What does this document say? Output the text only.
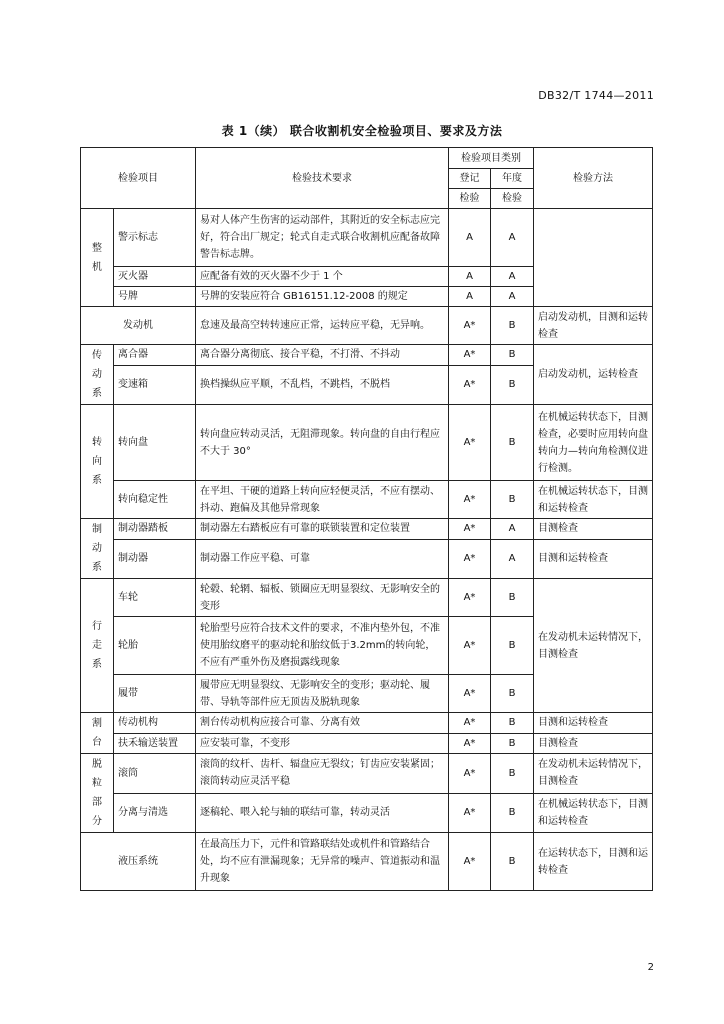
DB32/T 1744—2011
表 1（续） 联合收割机安全检验项目、要求及方法
检验项目		检验技术要求	检验项目类别		检验方法
			登记	年度	
			检验	检验	

整
机	警示标志	易对人体产生伤害的运动部件，其附近的安全标志应完好，符合出厂规定；轮式自走式联合收割机应配备故障警告标志牌。	A	A	
	灭火器	应配备有效的灭火器不少于 1 个	A	A	
	号牌	号牌的安装应符合 GB16151.12-2008 的规定	A	A	
发动机		怠速及最高空转转速应正常，运转应平稳，无异响。	A*	B	启动发动机，目测和运转检查

传
动
系	离合器	离合器分离彻底、接合平稳，不打滑、不抖动	A*	B	启动发动机，运转检查
	变速箱	换档操纵应平顺，不乱档，不跳档，不脱档	A*	B	

转
向
系	转向盘	转向盘应转动灵活，无阻滞现象。转向盘的自由行程应不大于 30°	A*	B	在机械运转状态下，目测检查，必要时应用转向盘转向力—转向角检测仪进行检测。
	转向稳定性	在平坦、干硬的道路上转向应轻便灵活，不应有摆动、抖动、跑偏及其他异常现象	A*	B	在机械运转状态下，目测和运转检查

制
动
系	制动器踏板	制动器左右踏板应有可靠的联锁装置和定位装置	A*	A	目测检查
	制动器	制动器工作应平稳、可靠	A*	A	目测和运转检查

行
走
系	车轮	轮毂、轮辋、辐板、锁圈应无明显裂纹、无影响安全的变形	A*	B	在发动机未运转情况下，目测检查
	轮胎	轮胎型号应符合技术文件的要求，不准内垫外包，不准使用胎纹磨平的驱动轮和胎纹低于3.2mm的转向轮，不应有严重外伤及磨损露线现象	A*	B	
	履带	履带应无明显裂纹、无影响安全的变形；驱动轮、履带、导轨等部件应无顶齿及脱轨现象	A*	B	

割
台	传动机构	割台传动机构应接合可靠、分离有效	A*	B	目测和运转检查
	扶禾输送装置	应安装可靠，不变形	A*	B	目测检查

脱
粒
部
分	滚筒	滚筒的纹杆、齿杆、辐盘应无裂纹；钉齿应安装紧固；滚筒转动应灵活平稳	A*	B	在发动机未运转情况下，目测检查
	分离与清选	逐稿轮、喂入轮与轴的联结可靠，转动灵活	A*	B	在机械运转状态下，目测和运转检查
液压系统		在最高压力下，元件和管路联结处或机件和管路结合处，均不应有泄漏现象；无异常的噪声、管道振动和温升现象	A*	B	在运转状态下，目测和运转检查
2
